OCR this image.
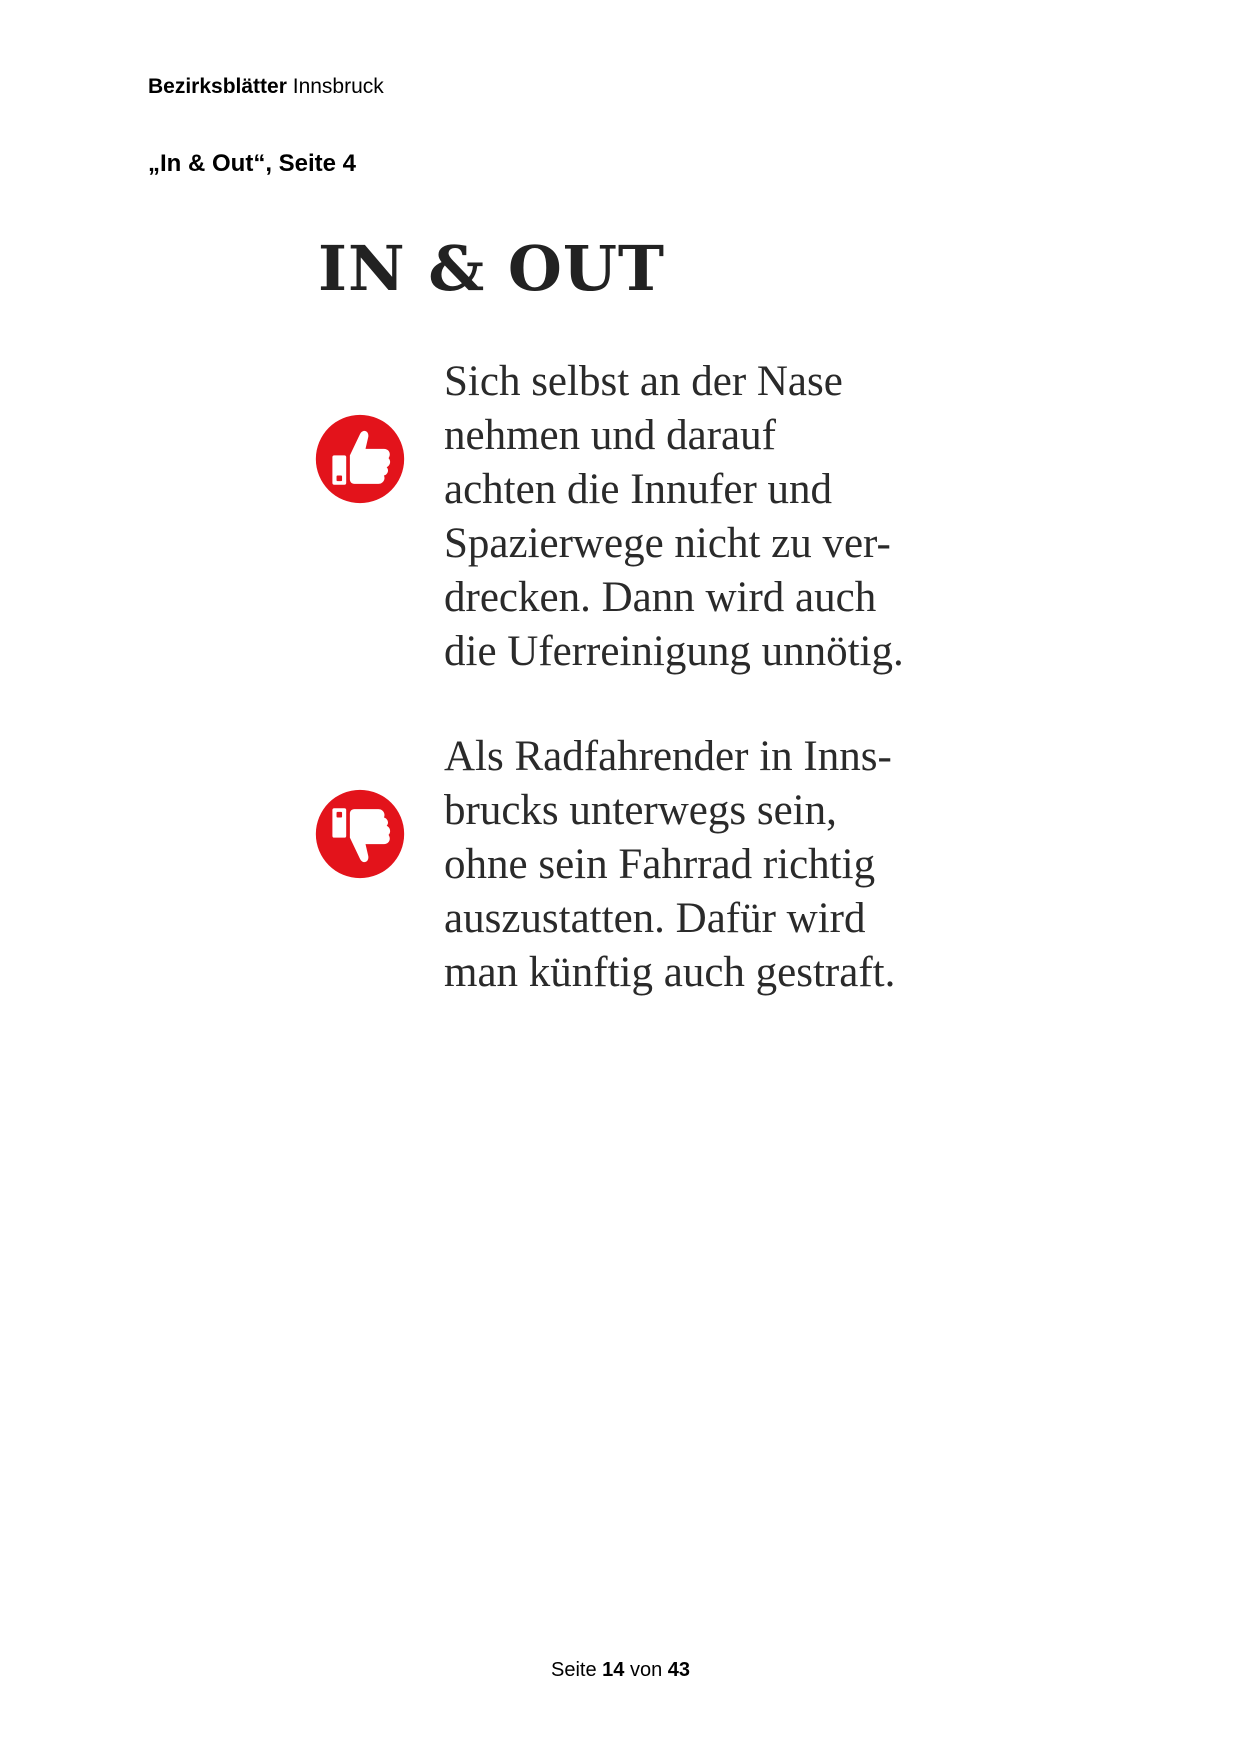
Bezirksblätter Innsbruck
„In & Out“, Seite 4
IN & OUT
Sich selbst an der Nase
nehmen und darauf
achten die Innufer und
Spazierwege nicht zu ver-
drecken. Dann wird auch
die Uferreinigung unnötig.
Als Radfahrender in Inns-
brucks unterwegs sein,
ohne sein Fahrrad richtig
auszustatten. Dafür wird
man künftig auch gestraft.
Seite 14 von 43
